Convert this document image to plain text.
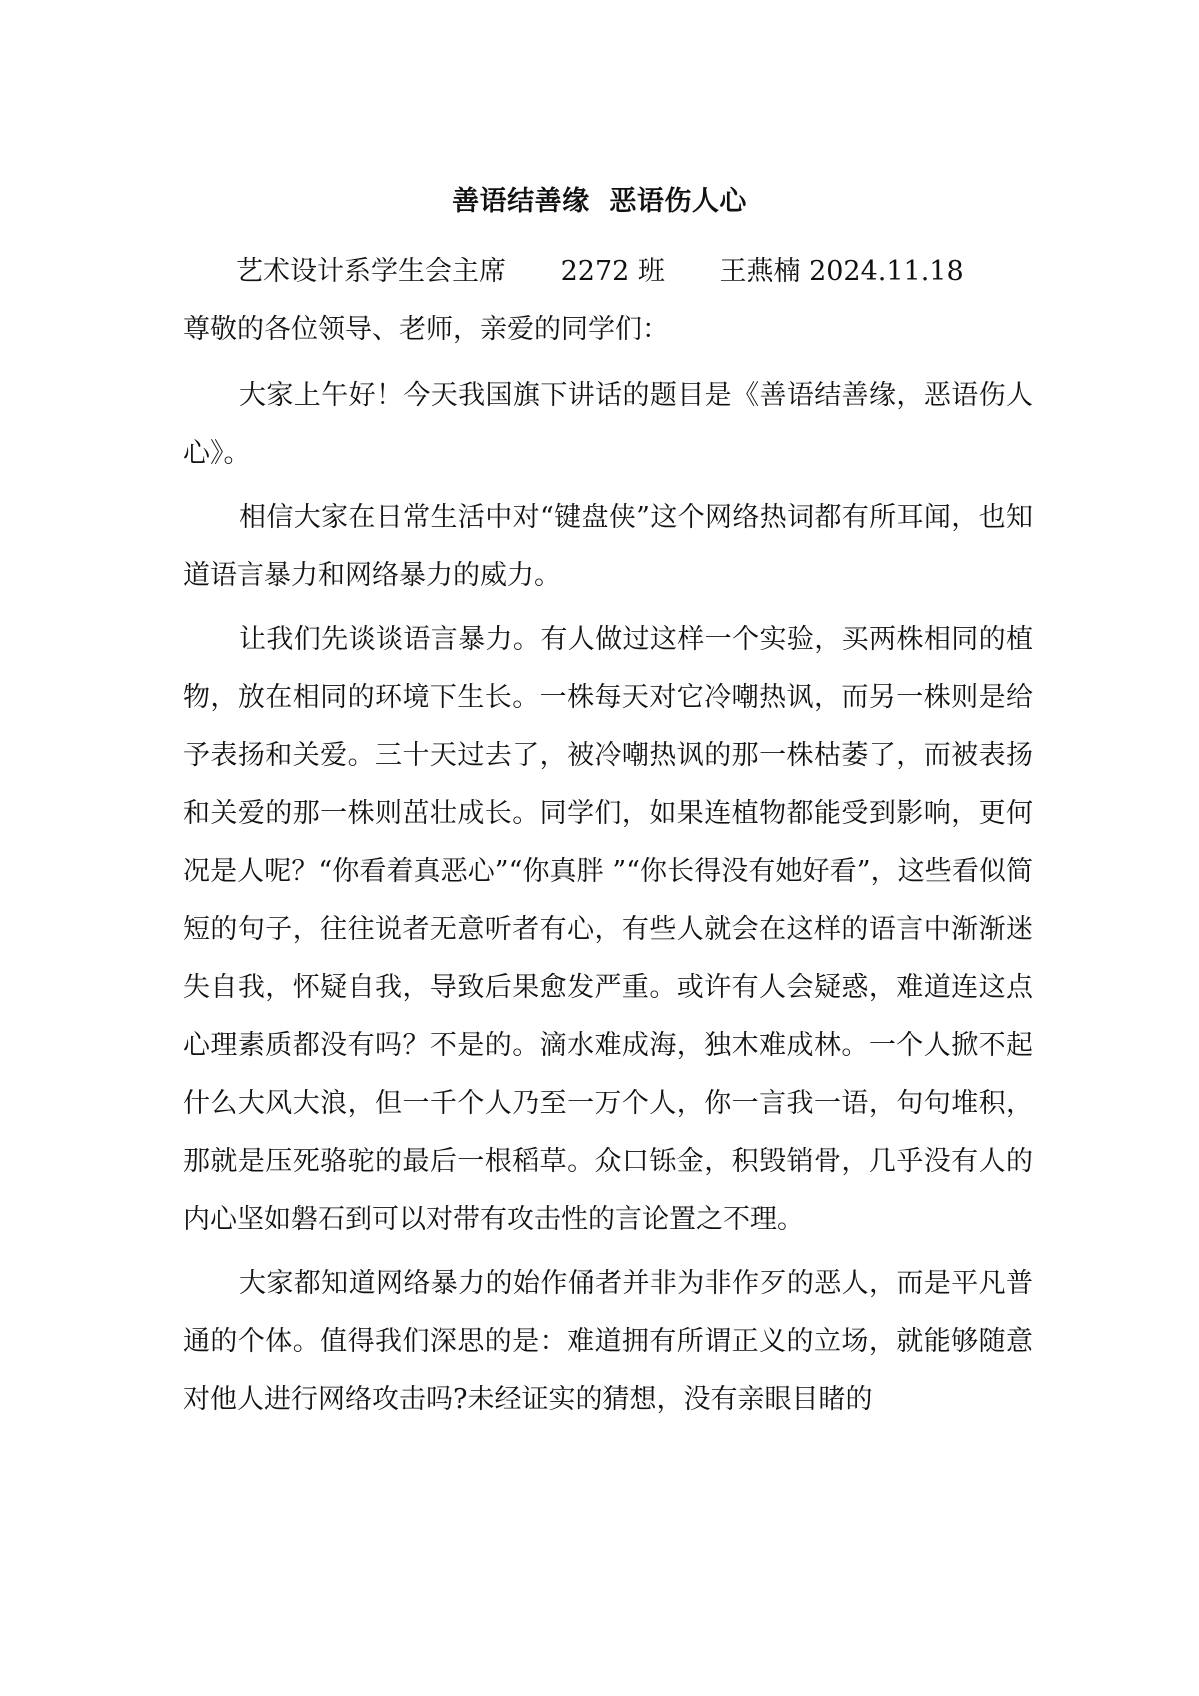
善语结善缘  恶语伤人心
艺术设计系学生会主席 2272 班 王燕楠 2024.11.18
尊敬的各位领导、老师，亲爱的同学们：

大家上午好！今天我国旗下讲话的题目是《善语结善缘，恶语伤人心》。

相信大家在日常生活中对“键盘侠”这个网络热词都有所耳闻，也知道语言暴力和网络暴力的威力。

让我们先谈谈语言暴力。有人做过这样一个实验，买两株相同的植物，放在相同的环境下生长。一株每天对它冷嘲热讽，而另一株则是给予表扬和关爱。三十天过去了，被冷嘲热讽的那一株枯萎了，而被表扬和关爱的那一株则茁壮成长。同学们，如果连植物都能受到影响，更何况是人呢？“你看着真恶心”“你真胖 ”“你长得没有她好看”，这些看似简短的句子，往往说者无意听者有心，有些人就会在这样的语言中渐渐迷失自我，怀疑自我，导致后果愈发严重。或许有人会疑惑，难道连这点心理素质都没有吗？不是的。滴水难成海，独木难成林。一个人掀不起什么大风大浪，但一千个人乃至一万个人，你一言我一语，句句堆积，那就是压死骆驼的最后一根稻草。众口铄金，积毁销骨，几乎没有人的内心坚如磐石到可以对带有攻击性的言论置之不理。

大家都知道网络暴力的始作俑者并非为非作歹的恶人，而是平凡普通的个体。值得我们深思的是：难道拥有所谓正义的立场，就能够随意对他人进行网络攻击吗?未经证实的猜想，没有亲眼目睹的
